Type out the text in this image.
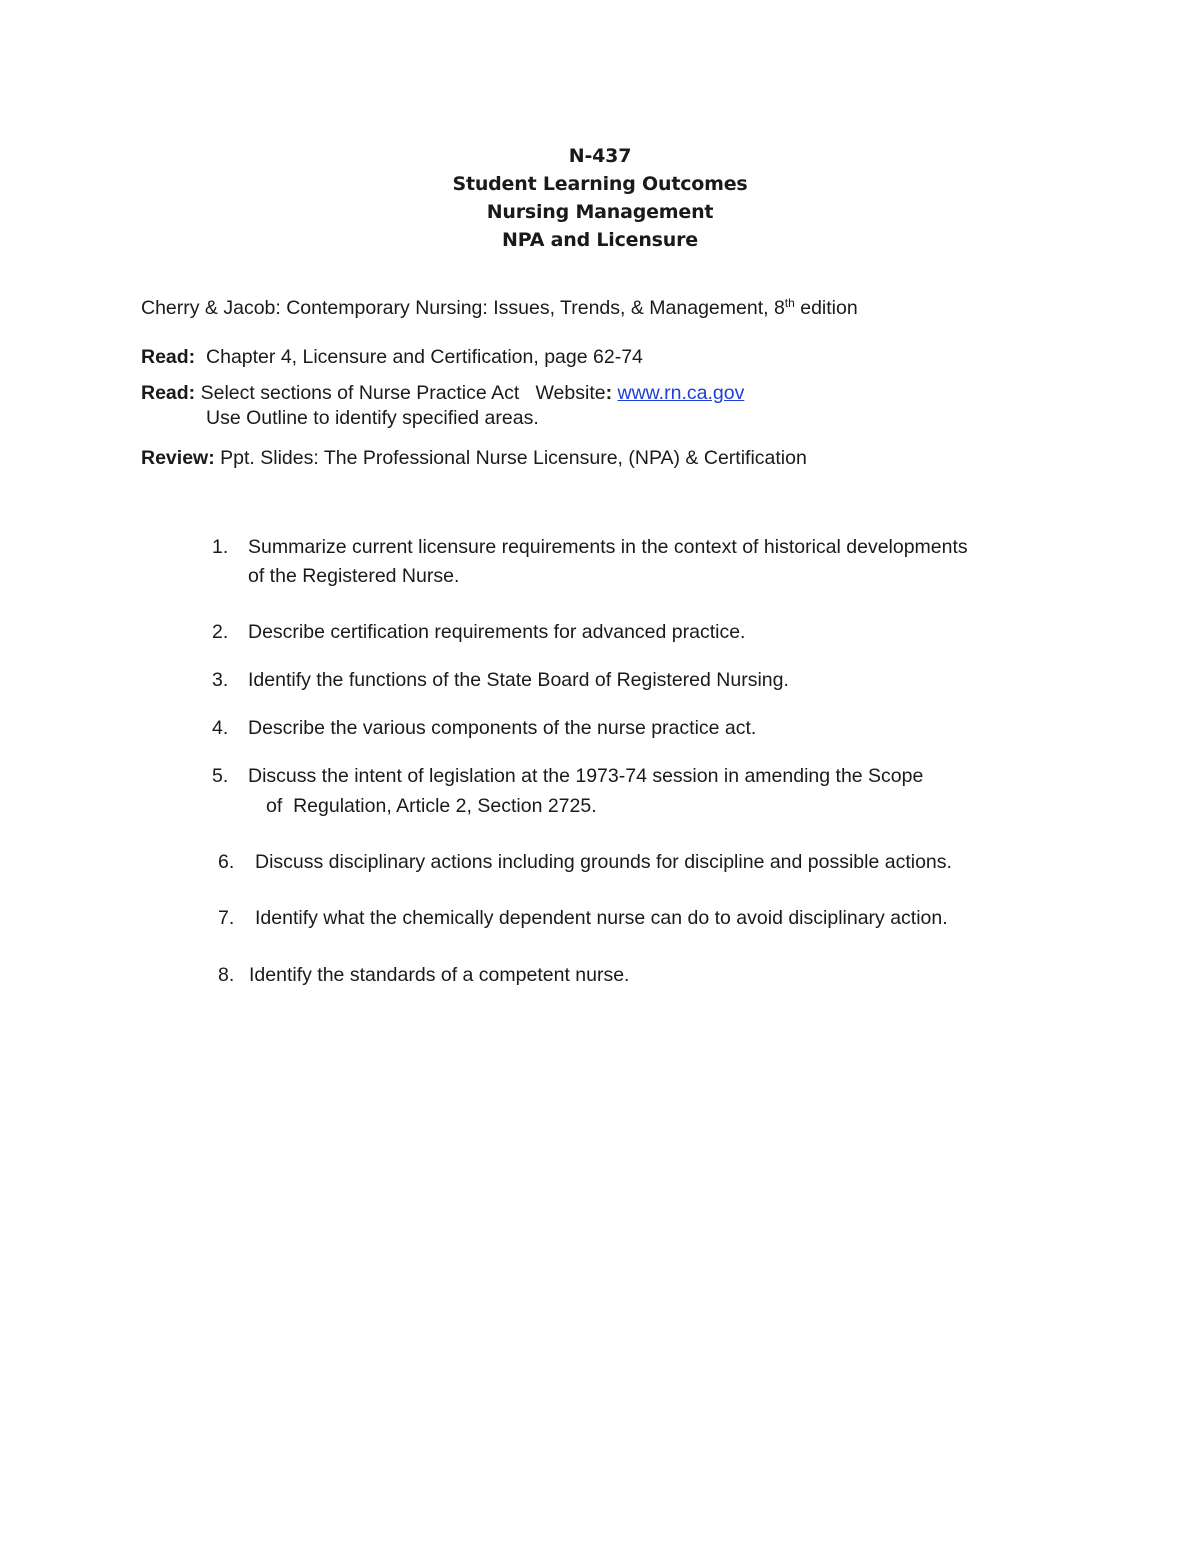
N-437
Student Learning Outcomes
Nursing Management
NPA and Licensure
Cherry & Jacob: Contemporary Nursing: Issues, Trends, & Management, 8th edition
Read:  Chapter 4, Licensure and Certification, page 62-74
Read: Select sections of Nurse Practice Act   Website: www.rn.ca.gov
Use Outline to identify specified areas.
Review: Ppt. Slides: The Professional Nurse Licensure, (NPA) & Certification
1. Summarize current licensure requirements in the context of historical developments
of the Registered Nurse.
2. Describe certification requirements for advanced practice.
3. Identify the functions of the State Board of Registered Nursing.
4. Describe the various components of the nurse practice act.
5. Discuss the intent of legislation at the 1973-74 session in amending the Scope
of  Regulation, Article 2, Section 2725.
6. Discuss disciplinary actions including grounds for discipline and possible actions.
7. Identify what the chemically dependent nurse can do to avoid disciplinary action.
8. Identify the standards of a competent nurse.
